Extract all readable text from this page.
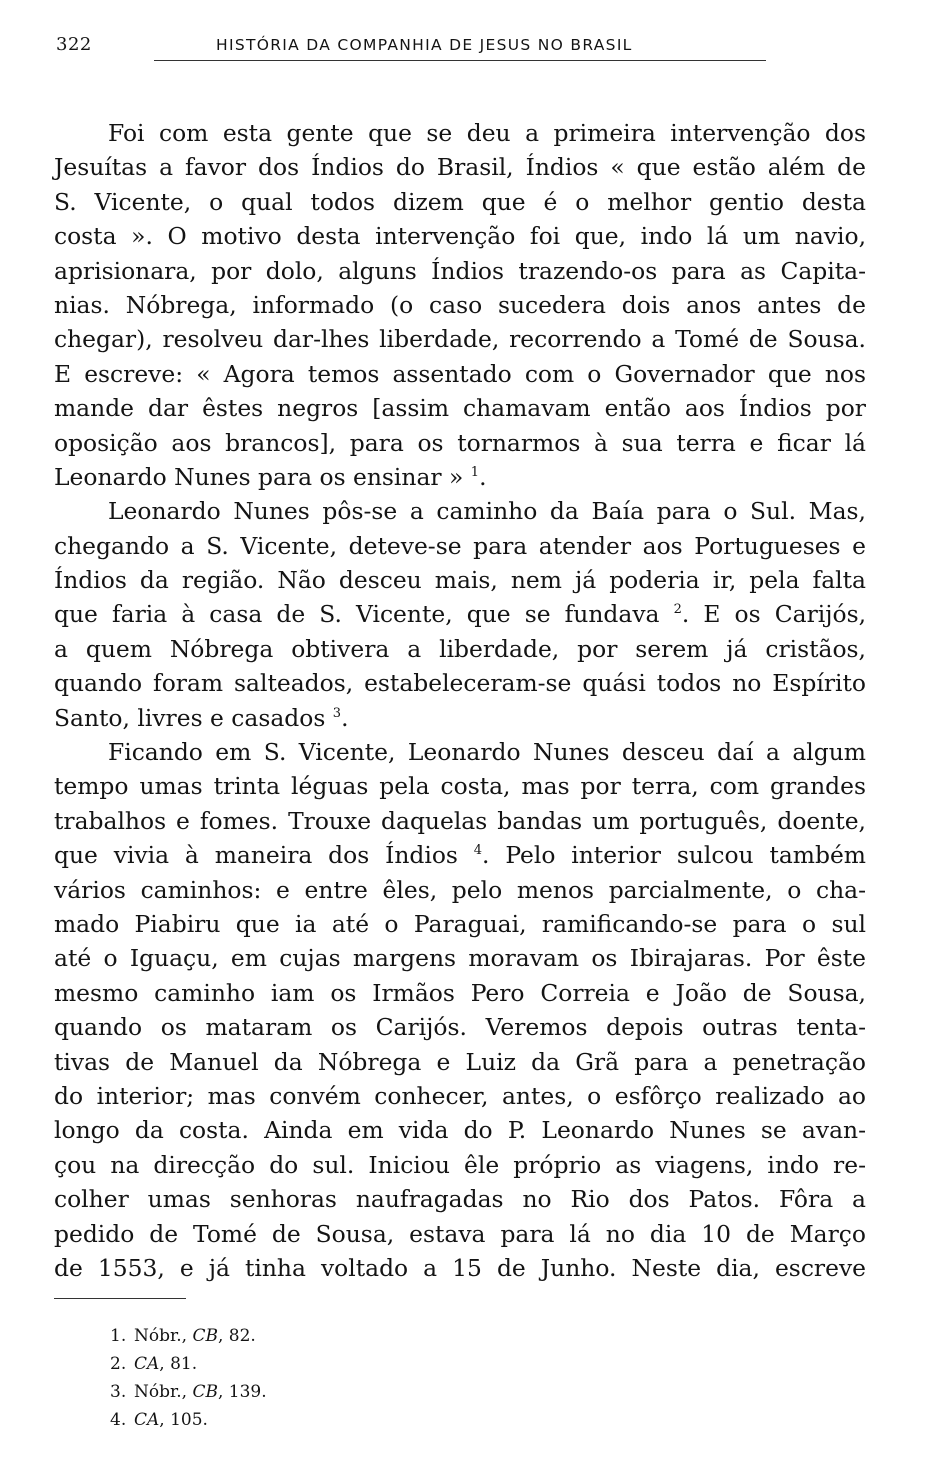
322	HISTÓRIA DA COMPANHIA DE JESUS NO BRASIL
Foi com esta gente que se deu a primeira intervenção dos
Jesuítas a favor dos Índios do Brasil, Índios « que estão além de
S. Vicente, o qual todos dizem que é o melhor gentio desta
costa ». O motivo desta intervenção foi que, indo lá um navio,
aprisionara, por dolo, alguns Índios trazendo-os para as Capita-
nias. Nóbrega, informado (o caso sucedera dois anos antes de
chegar), resolveu dar-lhes liberdade, recorrendo a Tomé de Sousa.
E escreve: « Agora temos assentado com o Governador que nos
mande dar êstes negros [assim chamavam então aos Índios por
oposição aos brancos], para os tornarmos à sua terra e ficar lá
Leonardo Nunes para os ensinar » $^1$.
Leonardo Nunes pôs-se a caminho da Baía para o Sul. Mas,
chegando a S. Vicente, deteve-se para atender aos Portugueses e
Índios da região. Não desceu mais, nem já poderia ir, pela falta
que faria à casa de S. Vicente, que se fundava $^2$. E os Carijós,
a quem Nóbrega obtivera a liberdade, por serem já cristãos,
quando foram salteados, estabeleceram-se quási todos no Espírito
Santo, livres e casados $^3$.
Ficando em S. Vicente, Leonardo Nunes desceu daí a algum
tempo umas trinta léguas pela costa, mas por terra, com grandes
trabalhos e fomes. Trouxe daquelas bandas um português, doente,
que vivia à maneira dos Índios $^4$. Pelo interior sulcou também
vários caminhos: e entre êles, pelo menos parcialmente, o cha-
mado Piabiru que ia até o Paraguai, ramificando-se para o sul
até o Iguaçu, em cujas margens moravam os Ibirajaras. Por êste
mesmo caminho iam os Irmãos Pero Correia e João de Sousa,
quando os mataram os Carijós. Veremos depois outras tenta-
tivas de Manuel da Nóbrega e Luiz da Grã para a penetração
do interior; mas convém conhecer, antes, o esfôrço realizado ao
longo da costa. Ainda em vida do P. Leonardo Nunes se avan-
çou na direcção do sul. Iniciou êle próprio as viagens, indo re-
colher umas senhoras naufragadas no Rio dos Patos. Fôra a
pedido de Tomé de Sousa, estava para lá no dia 10 de Março
de 1553, e já tinha voltado a 15 de Junho. Neste dia, escreve
1. Nóbr., CB, 82.
2. CA, 81.
3. Nóbr., CB, 139.
4. CA, 105.
